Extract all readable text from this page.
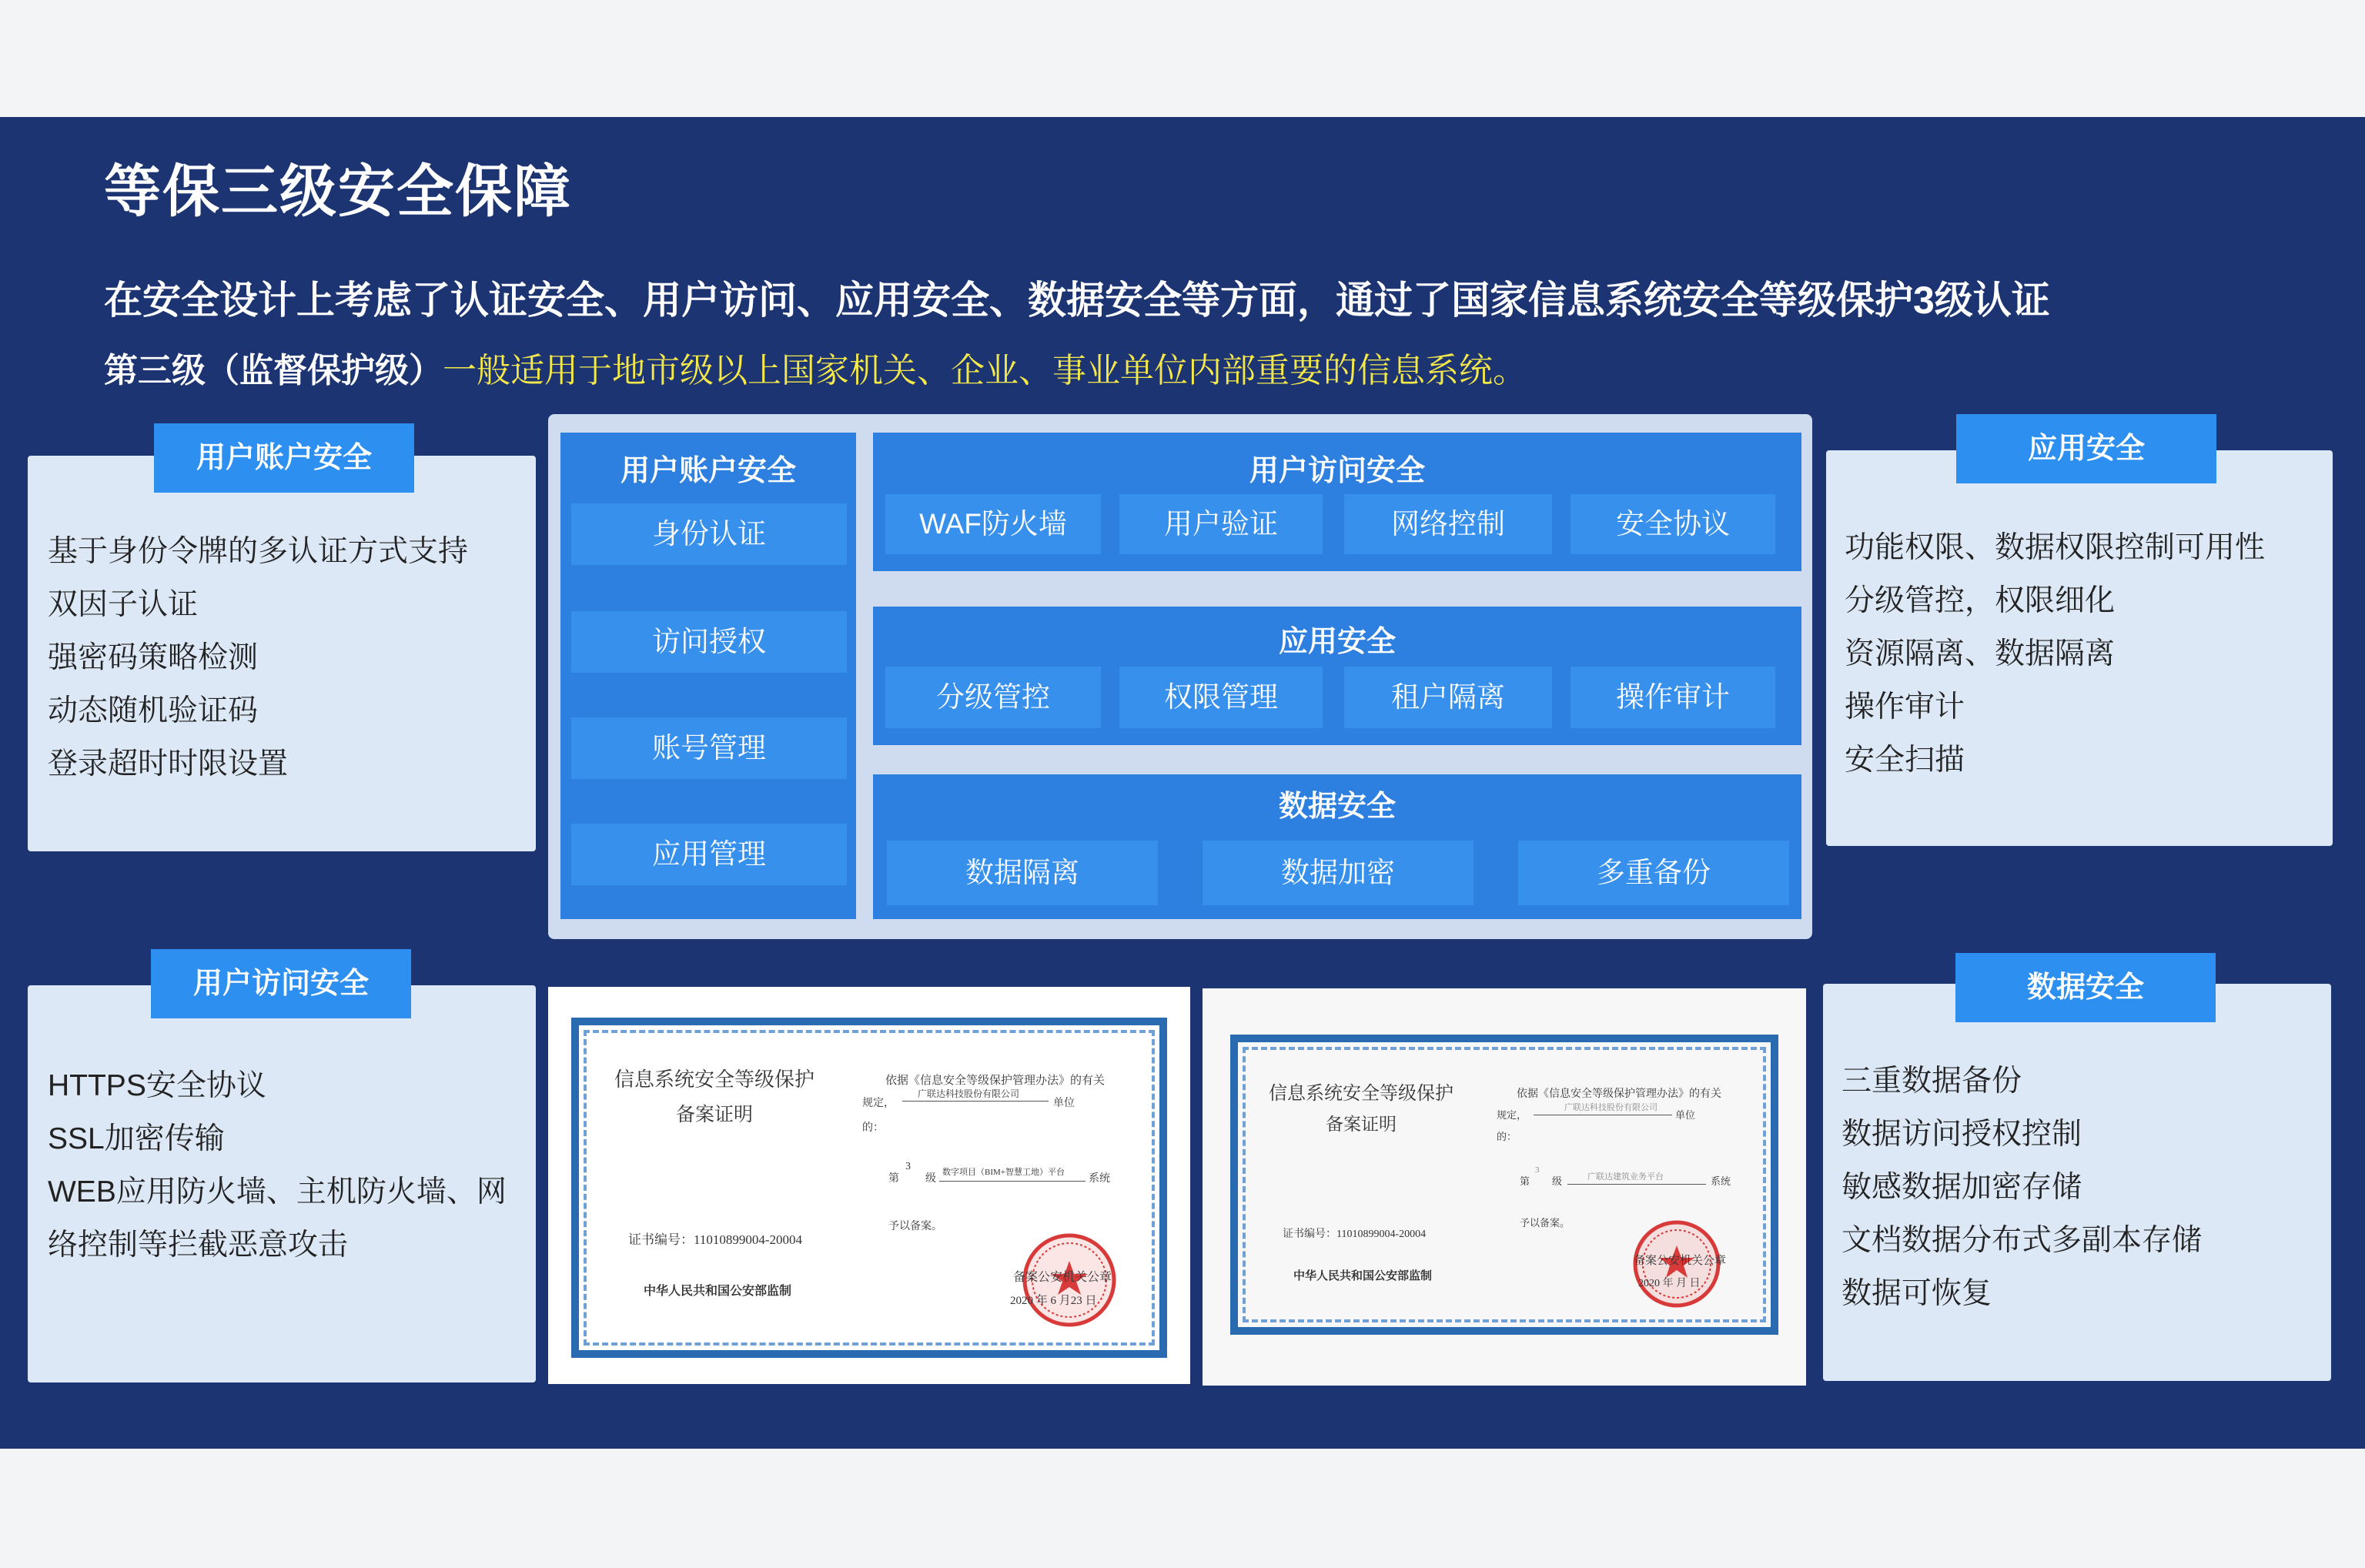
等保三级安全保障
在安全设计上考虑了认证安全、用户访问、应用安全、数据安全等方面，通过了国家信息系统安全等级保护3级认证
第三级（监督保护级）一般适用于地市级以上国家机关、企业、事业单位内部重要的信息系统。
基于身份令牌的多认证方式支持
双因子认证
强密码策略检测
动态随机验证码
登录超时时限设置
用户账户安全
HTTPS安全协议
SSL加密传输
WEB应用防火墙、主机防火墙、网
络控制等拦截恶意攻击
用户访问安全
功能权限、数据权限控制可用性
分级管控，权限细化
资源隔离、数据隔离
操作审计
安全扫描
应用安全
三重数据备份
数据访问授权控制
敏感数据加密存储
文档数据分布式多副本存储
数据可恢复
数据安全
用户账户安全
身份认证
访问授权
账号管理
应用管理
用户访问安全
WAF防火墙	用户验证	网络控制	安全协议
应用安全
分级管控	权限管理	租户隔离	操作审计
数据安全
数据隔离	数据加密	多重备份
信息系统安全等级保护
备案证明
依据《信息安全等级保护管理办法》的有关
规定，
广联达科技股份有限公司
单位
的：
第
3
级
数字项目（BIM+智慧工地）平台
系统
予以备案。
证书编号：11010899004-20004
中华人民共和国公安部监制
备案公安机关公章
2020 年 6 月23 日
信息系统安全等级保护
备案证明
依据《信息安全等级保护管理办法》的有关
规定，
广联达科技股份有限公司
单位
的：
第
3
级	广联达建筑业务平台	系统
予以备案。
证书编号：11010899004-20004
中华人民共和国公安部监制
备案公安机关公章
2020 年 月 日
